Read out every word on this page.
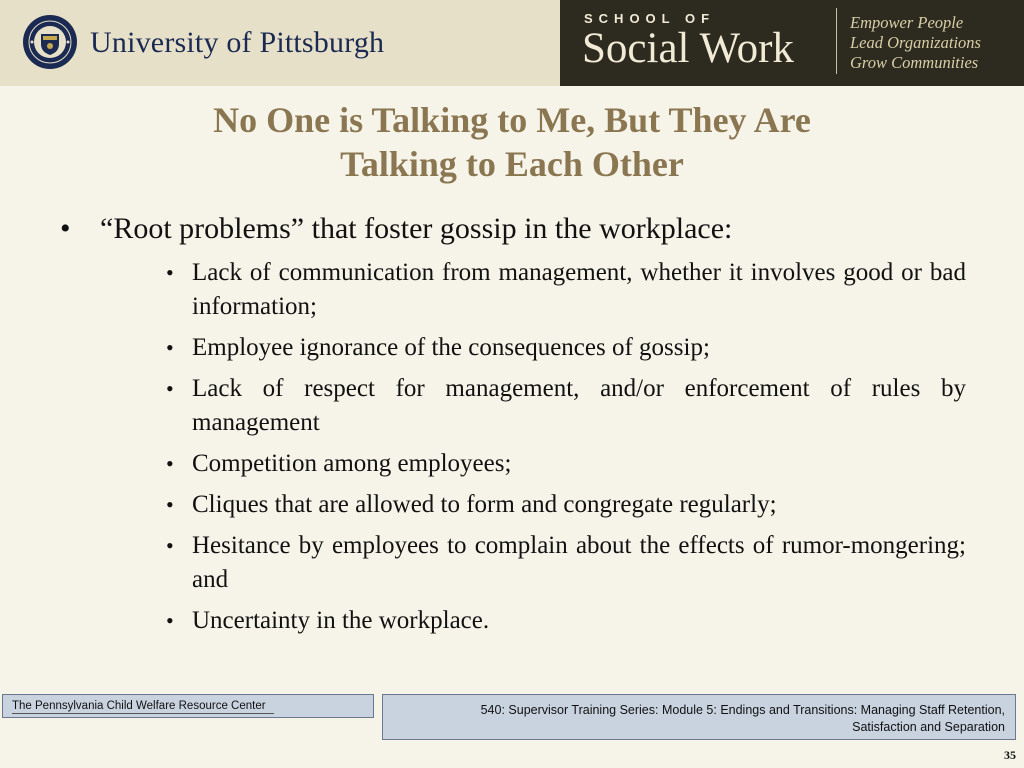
University of Pittsburgh
SCHOOL OF
Social Work
Empower People
Lead Organizations
Grow Communities
No One is Talking to Me, But They Are
Talking to Each Other
• “Root problems” that foster gossip in the workplace:
• Lack of communication from management, whether it involves good or bad information;
• Employee ignorance of the consequences of gossip;
• Lack of respect for management, and/or enforcement of rules by management
• Competition among employees;
• Cliques that are allowed to form and congregate regularly;
• Hesitance by employees to complain about the effects of rumor-mongering; and
• Uncertainty in the workplace.
The Pennsylvania Child Welfare Resource Center	540: Supervisor Training Series: Module 5: Endings and Transitions: Managing Staff Retention,
Satisfaction and Separation
35
